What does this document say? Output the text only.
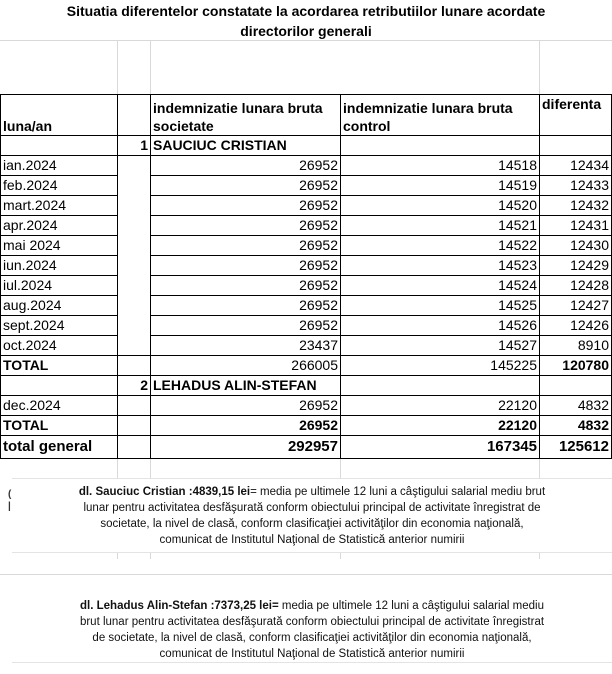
Situatia diferentelor constatate la acordarea retributiilor lunare acordate
directorilor generali
luna/an		indemnizatie lunara bruta societate	indemnizatie lunara bruta control	diferenta
	1	SAUCIUC CRISTIAN		
ian.2024		26952	14518	12434
feb.2024		26952	14519	12433
mart.2024		26952	14520	12432
apr.2024		26952	14521	12431
mai 2024		26952	14522	12430
iun.2024		26952	14523	12429
iul.2024		26952	14524	12428
aug.2024		26952	14525	12427
sept.2024		26952	14526	12426
oct.2024		23437	14527	8910
TOTAL		266005	145225	120780
	2	LEHADUS ALIN-STEFAN		
dec.2024		26952	22120	4832
TOTAL		26952	22120	4832
total general		292957	167345	125612
(
|
dl. Sauciuc Cristian :4839,15 lei= media pe ultimele 12 luni a câştigului salarial mediu brut
lunar pentru activitatea desfăşurată conform obiectului principal de activitate înregistrat de
societate, la nivel de clasă, conform clasificaţiei activităţilor din economia naţională,
comunicat de Institutul Naţional de Statistică anterior numirii
dl. Lehadus Alin-Stefan :7373,25 lei= media pe ultimele 12 luni a câştigului salarial mediu
brut lunar pentru activitatea desfăşurată conform obiectului principal de activitate înregistrat
de societate, la nivel de clasă, conform clasificaţiei activităţilor din economia naţională,
comunicat de Institutul Naţional de Statistică anterior numirii
